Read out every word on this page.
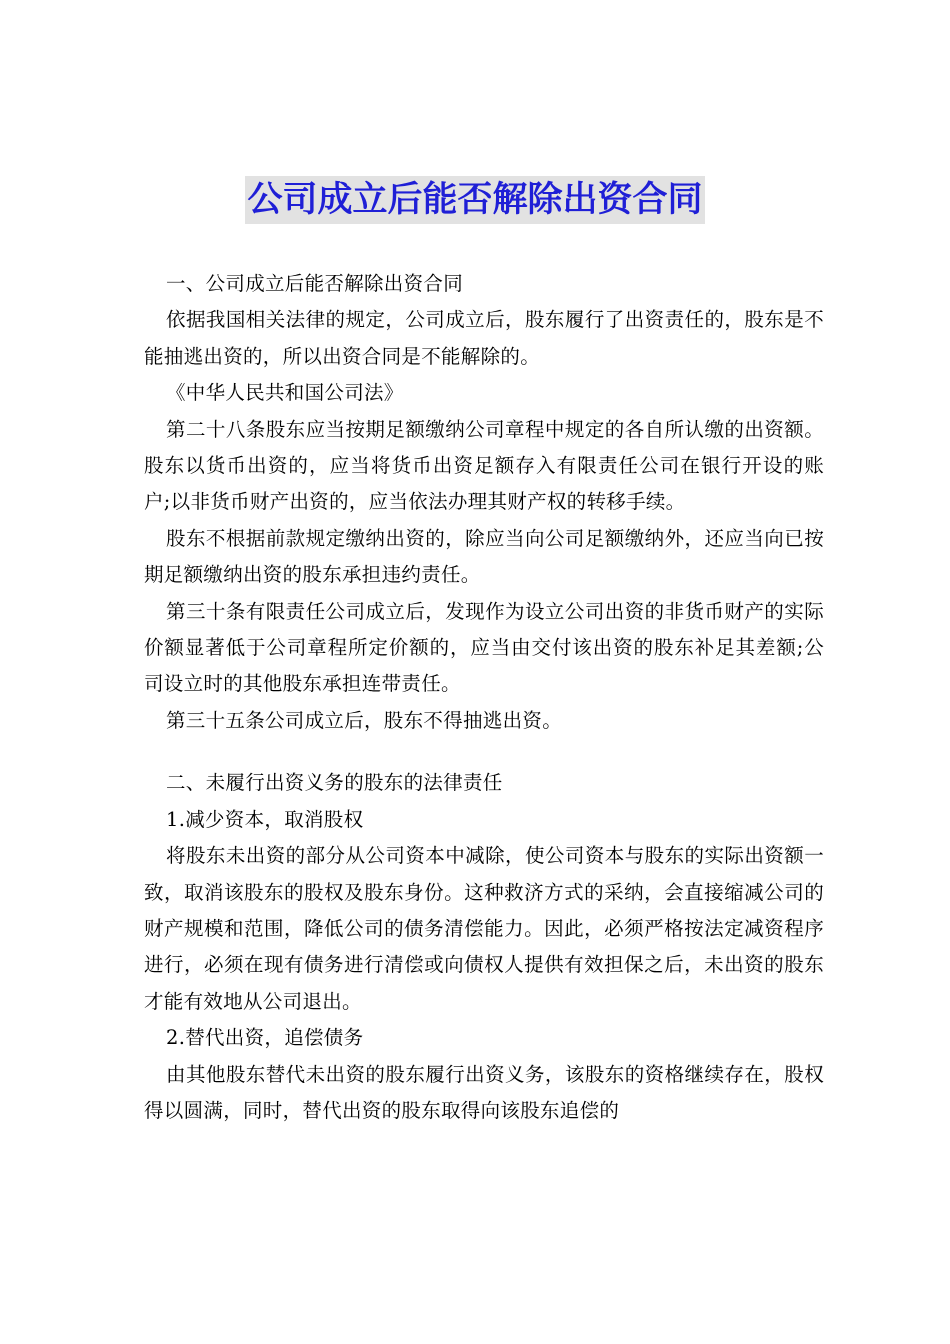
公司成立后能否解除出资合同

一、公司成立后能否解除出资合同

依据我国相关法律的规定，公司成立后，股东履行了出资责任的，股东是不能抽逃出资的，所以出资合同是不能解除的。

《中华人民共和国公司法》

第二十八条股东应当按期足额缴纳公司章程中规定的各自所认缴的出资额。股东以货币出资的，应当将货币出资足额存入有限责任公司在银行开设的账户;以非货币财产出资的，应当依法办理其财产权的转移手续。

股东不根据前款规定缴纳出资的，除应当向公司足额缴纳外，还应当向已按期足额缴纳出资的股东承担违约责任。

第三十条有限责任公司成立后，发现作为设立公司出资的非货币财产的实际价额显著低于公司章程所定价额的，应当由交付该出资的股东补足其差额;公司设立时的其他股东承担连带责任。

第三十五条公司成立后，股东不得抽逃出资。

二、未履行出资义务的股东的法律责任

1.减少资本，取消股权

将股东未出资的部分从公司资本中减除，使公司资本与股东的实际出资额一致，取消该股东的股权及股东身份。这种救济方式的采纳，会直接缩减公司的财产规模和范围，降低公司的债务清偿能力。因此，必须严格按法定减资程序进行，必须在现有债务进行清偿或向债权人提供有效担保之后，未出资的股东才能有效地从公司退出。

2.替代出资，追偿债务

由其他股东替代未出资的股东履行出资义务，该股东的资格继续存在，股权得以圆满，同时，替代出资的股东取得向该股东追偿的
